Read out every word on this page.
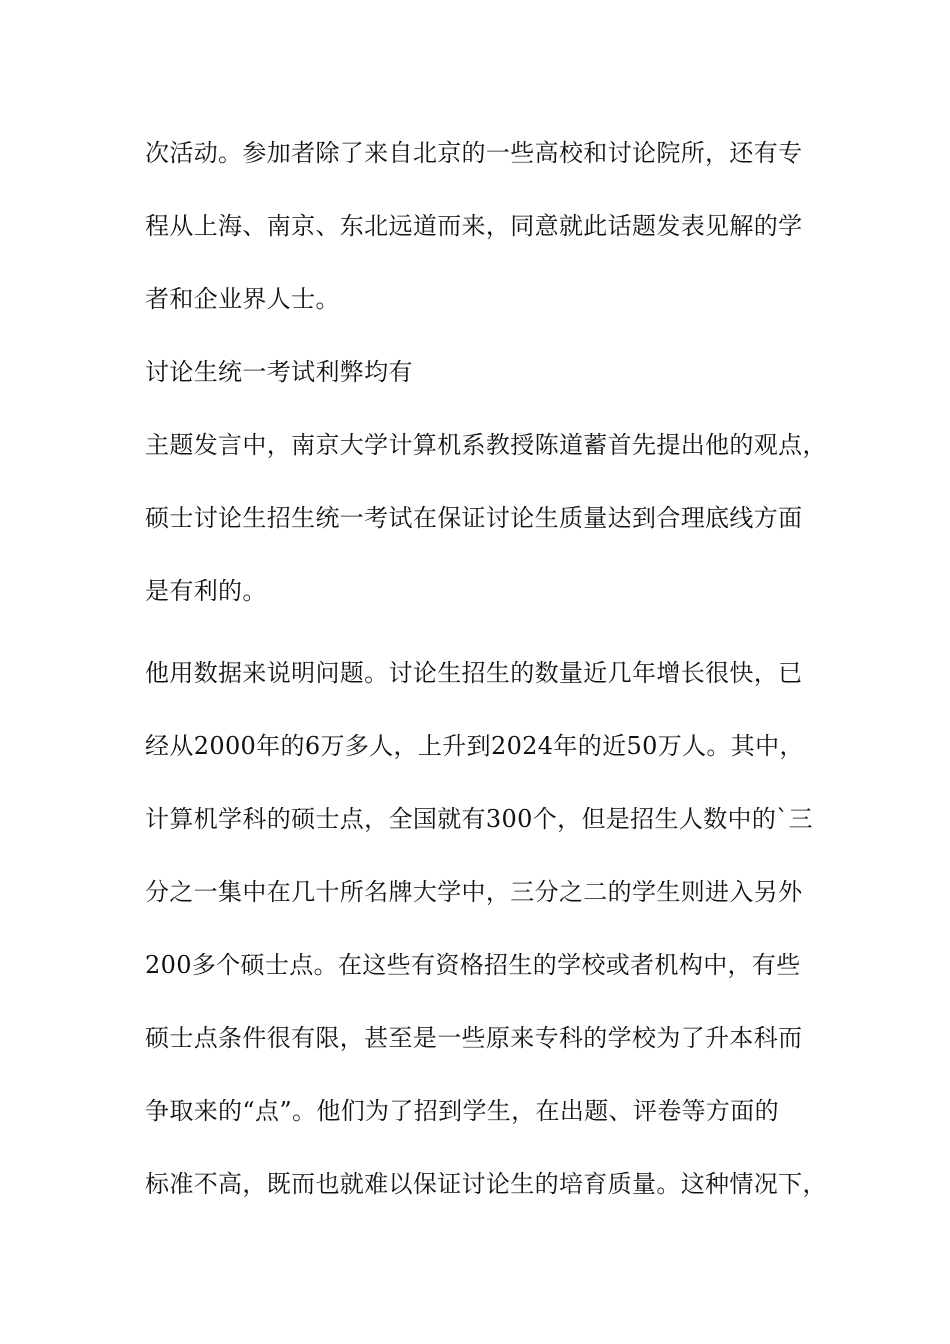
次活动。参加者除了来自北京的一些高校和讨论院所，还有专
程从上海、南京、东北远道而来，同意就此话题发表见解的学
者和企业界人士。
讨论生统一考试利弊均有
主题发言中，南京大学计算机系教授陈道蓄首先提出他的观点，
硕士讨论生招生统一考试在保证讨论生质量达到合理底线方面
是有利的。
他用数据来说明问题。讨论生招生的数量近几年增长很快，已
经从2000年的6万多人，上升到2024年的近50万人。其中，
计算机学科的硕士点，全国就有300个，但是招生人数中的`三
分之一集中在几十所名牌大学中，三分之二的学生则进入另外
200多个硕士点。在这些有资格招生的学校或者机构中，有些
硕士点条件很有限，甚至是一些原来专科的学校为了升本科而
争取来的“点”。他们为了招到学生，在出题、评卷等方面的
标准不高，既而也就难以保证讨论生的培育质量。这种情况下，
